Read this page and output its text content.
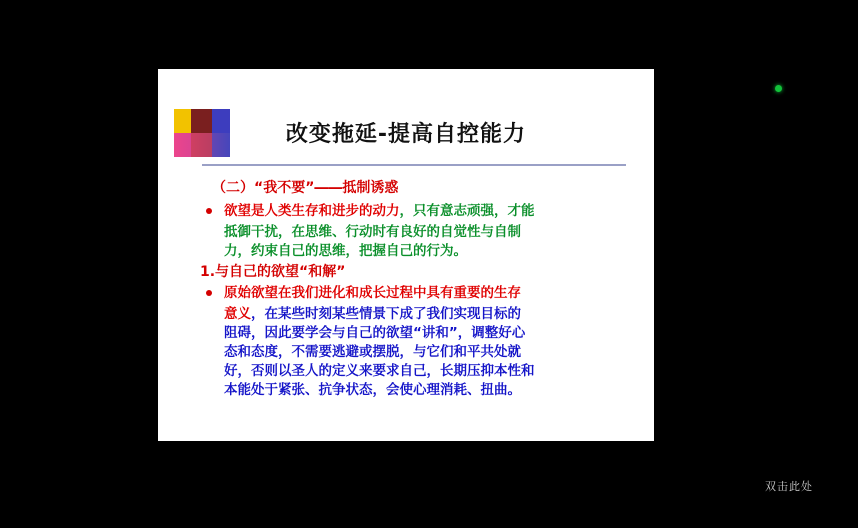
改变拖延-提高自控能力
（二）“我不要”――抵制诱惑
欲望是人类生存和进步的动力，只有意志顽强，才能
抵御干扰，在思维、行动时有良好的自觉性与自制
力，约束自己的思维，把握自己的行为。
1.与自己的欲望“和解”
原始欲望在我们进化和成长过程中具有重要的生存
意义，在某些时刻某些情景下成了我们实现目标的
阻碍，因此要学会与自己的欲望“讲和”，调整好心
态和态度，不需要逃避或摆脱，与它们和平共处就
好，否则以圣人的定义来要求自己，长期压抑本性和
本能处于紧张、抗争状态，会使心理消耗、扭曲。
双击此处
